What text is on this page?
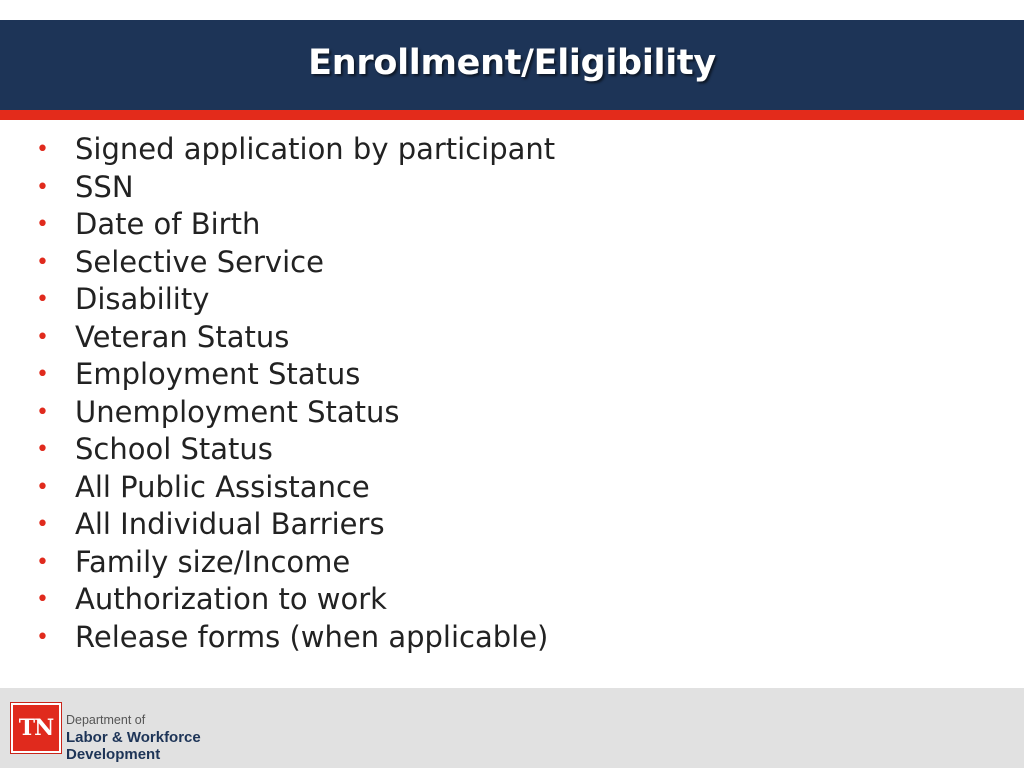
Enrollment/Eligibility
• Signed application by participant
• SSN
• Date of Birth
• Selective Service
• Disability
• Veteran Status
• Employment Status
• Unemployment Status
• School Status
• All Public Assistance
• All Individual Barriers
• Family size/Income
• Authorization to work
• Release forms (when applicable)
TN Department of
Labor & Workforce
Development
